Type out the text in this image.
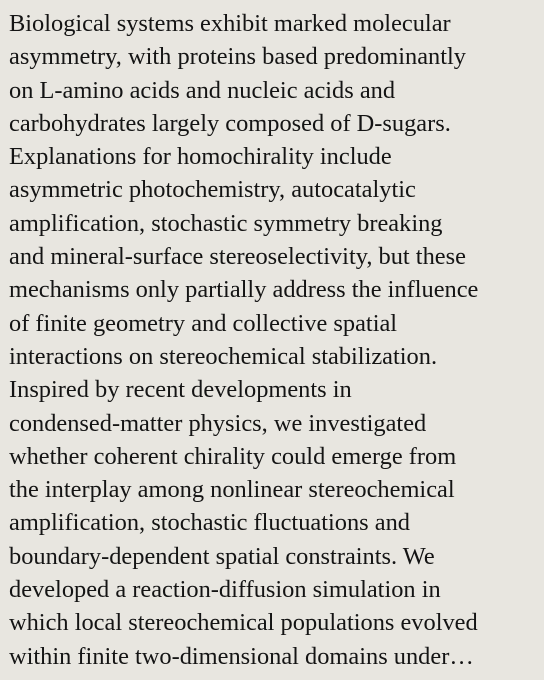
Biological systems exhibit marked molecular
asymmetry, with proteins based predominantly
on L-amino acids and nucleic acids and
carbohydrates largely composed of D-sugars.
Explanations for homochirality include
asymmetric photochemistry, autocatalytic
amplification, stochastic symmetry breaking
and mineral-surface stereoselectivity, but these
mechanisms only partially address the influence
of finite geometry and collective spatial
interactions on stereochemical stabilization.
Inspired by recent developments in
condensed-matter physics, we investigated
whether coherent chirality could emerge from
the interplay among nonlinear stereochemical
amplification, stochastic fluctuations and
boundary-dependent spatial constraints. We
developed a reaction-diffusion simulation in
which local stereochemical populations evolved
within finite two-dimensional domains under…
